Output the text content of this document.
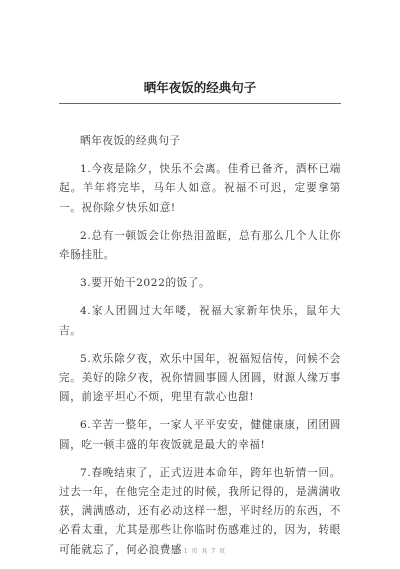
晒年夜饭的经典句子

晒年夜饭的经典句子

1.今夜是除夕，快乐不会离。佳肴已备齐，酒杯已端起。羊年将完毕，马年人如意。祝福不可迟，定要拿第一。祝你除夕快乐如意!

2.总有一顿饭会让你热泪盈眶，总有那么几个人让你牵肠挂肚。

3.要开始干2022的饭了。

4.家人团圆过大年喽，祝福大家新年快乐，鼠年大吉。

5.欢乐除夕夜，欢乐中国年，祝福短信传，问候不会完。美好的除夕夜，祝你情圆事圆人团圆，财源人缘万事圆，前途平坦心不烦，兜里有款心也甜!

6.辛苦一整年，一家人平平安安，健健康康，团团圆圆，吃一顿丰盛的年夜饭就是最大的幸福!

7.春晚结束了，正式迈进本命年，跨年也斩情一回。过去一年，在他完全走过的时候，我所记得的，是满满收获，满满感动，还有必动这样一想，平时经历的东西，不必看太重，尤其是那些让你临时伤感难过的，因为，转眼可能就忘了，何必浪费感

第 1 页 共 7 页
